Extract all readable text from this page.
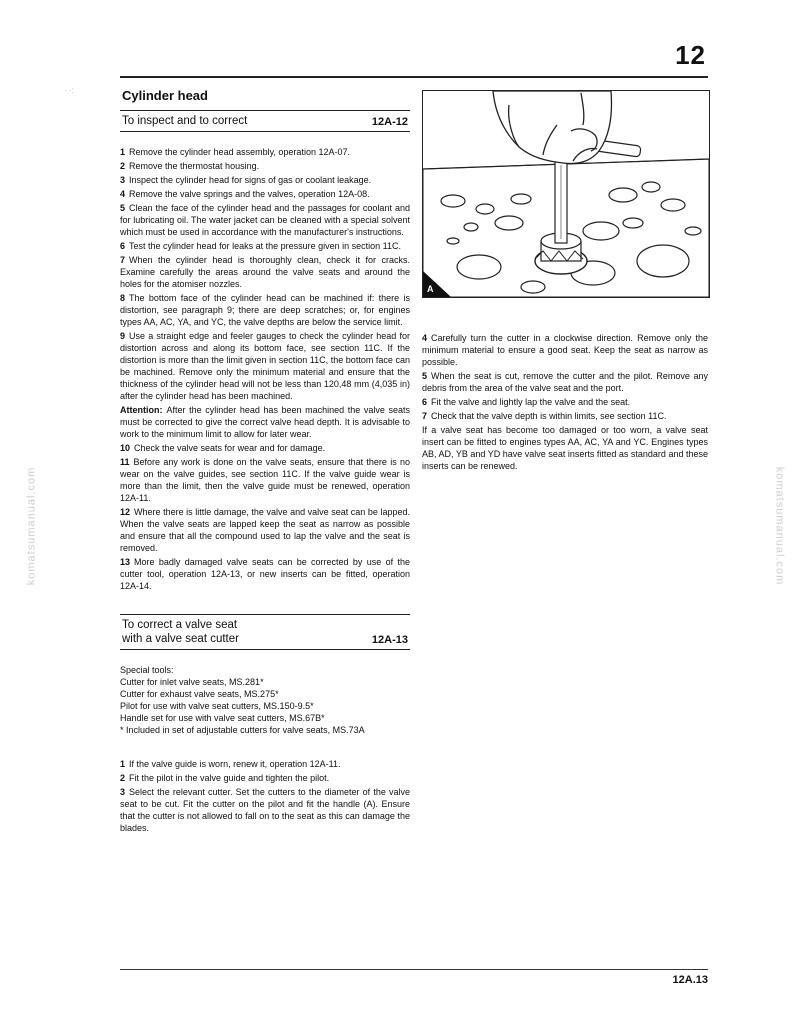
12
· ·:
komatsumanual.com	komatsumanual.com
Cylinder head
To inspect and to correct	12A-12

1 Remove the cylinder head assembly, operation 12A-07.

2 Remove the thermostat housing.

3 Inspect the cylinder head for signs of gas or coolant leakage.

4 Remove the valve springs and the valves, operation 12A-08.

5 Clean the face of the cylinder head and the passages for coolant and for lubricating oil. The water jacket can be cleaned with a special solvent which must be used in accordance with the manufacturer's instructions.

6 Test the cylinder head for leaks at the pressure given in section 11C.

7 When the cylinder head is thoroughly clean, check it for cracks. Examine carefully the areas around the valve seats and around the holes for the atomiser nozzles.

8 The bottom face of the cylinder head can be machined if: there is distortion, see paragraph 9; there are deep scratches; or, for engines types AA, AC, YA, and YC, the valve depths are below the service limit.

9 Use a straight edge and feeler gauges to check the cylinder head for distortion across and along its bottom face, see section 11C. If the distortion is more than the limit given in section 11C, the bottom face can be machined. Remove only the minimum material and ensure that the thickness of the cylinder head will not be less than 120,48 mm (4,035 in) after the cylinder head has been machined.

Attention: After the cylinder head has been machined the valve seats must be corrected to give the correct valve head depth. It is advisable to work to the minimum limit to allow for later wear.

10 Check the valve seats for wear and for damage.

11 Before any work is done on the valve seats, ensure that there is no wear on the valve guides, see section 11C. If the valve guide wear is more than the limit, then the valve guide must be renewed, operation 12A-11.

12 Where there is little damage, the valve and valve seat can be lapped. When the valve seats are lapped keep the seat as narrow as possible and ensure that all the compound used to lap the valve and the seat is removed.

13 More badly damaged valve seats can be corrected by use of the cutter tool, operation 12A-13, or new inserts can be fitted, operation 12A-14.

To correct a valve seat
with a valve seat cutter	12A-13

Special tools:

Cutter for inlet valve seats, MS.281*

Cutter for exhaust valve seats, MS.275*

Pilot for use with valve seat cutters, MS.150-9.5*

Handle set for use with valve seat cutters, MS.67B*

* Included in set of adjustable cutters for valve seats, MS.73A

1 If the valve guide is worn, renew it, operation 12A-11.

2 Fit the pilot in the valve guide and tighten the pilot.

3 Select the relevant cutter. Set the cutters to the diameter of the valve seat to be cut. Fit the cutter on the pilot and fit the handle (A). Ensure that the cutter is not allowed to fall on to the seat as this can damage the blades.

A

4 Carefully turn the cutter in a clockwise direction. Remove only the minimum material to ensure a good seat. Keep the seat as narrow as possible.

5 When the seat is cut, remove the cutter and the pilot. Remove any debris from the area of the valve seat and the port.

6 Fit the valve and lightly lap the valve and the seat.

7 Check that the valve depth is within limits, see section 11C.

If a valve seat has become too damaged or too worn, a valve seat insert can be fitted to engines types AA, AC, YA and YC. Engines types AB, AD, YB and YD have valve seat inserts fitted as standard and these inserts can be renewed.

12A.13
